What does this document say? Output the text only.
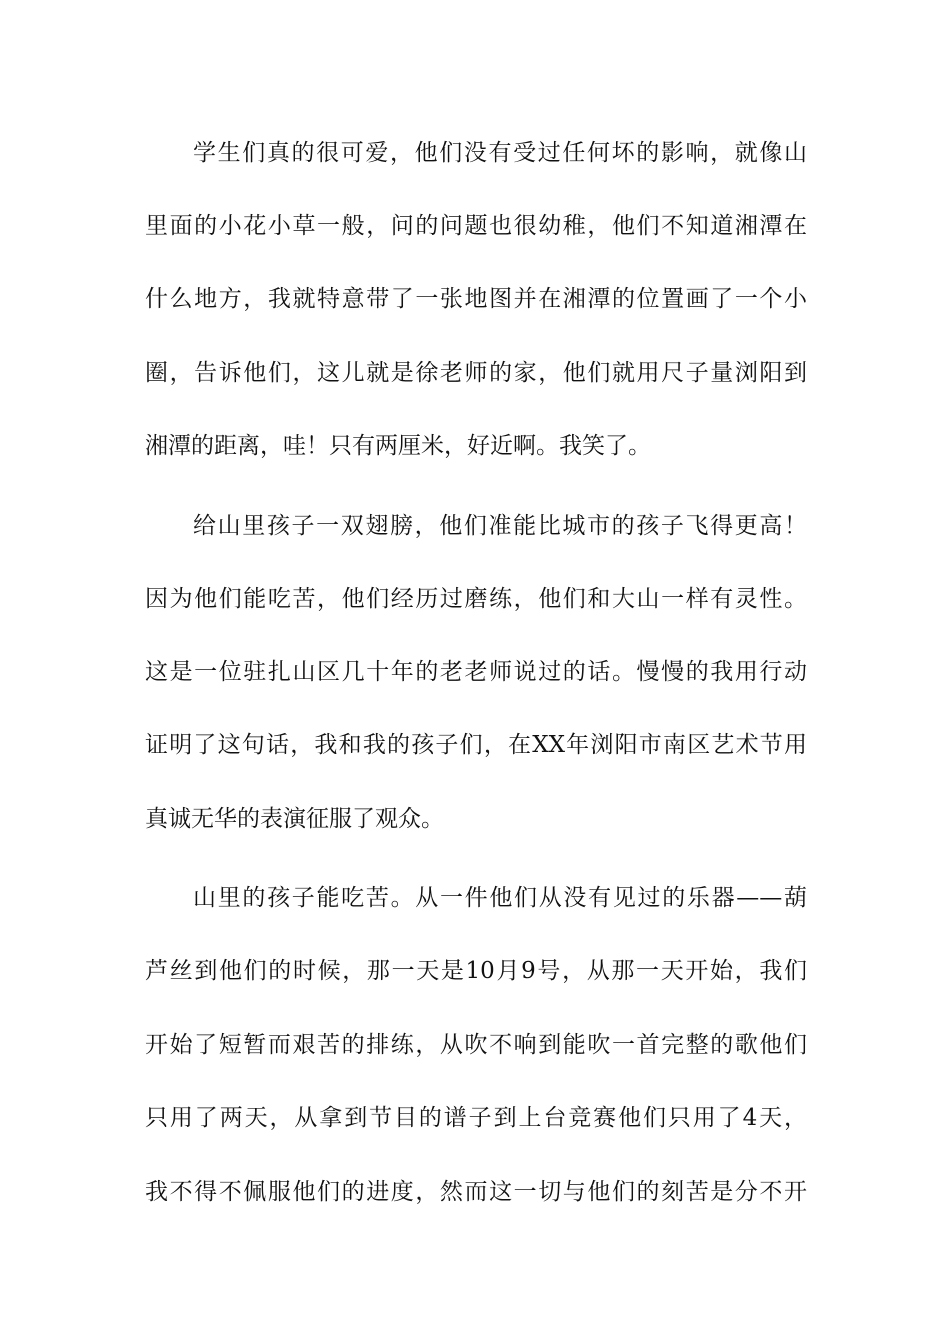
学生们真的很可爱，他们没有受过任何坏的影响，就像山
里面的小花小草一般，问的问题也很幼稚，他们不知道湘潭在
什么地方，我就特意带了一张地图并在湘潭的位置画了一个小
圈，告诉他们，这儿就是徐老师的家，他们就用尺子量浏阳到
湘潭的距离，哇！只有两厘米，好近啊。我笑了。
给山里孩子一双翅膀，他们准能比城市的孩子飞得更高！
因为他们能吃苦，他们经历过磨练，他们和大山一样有灵性。
这是一位驻扎山区几十年的老老师说过的话。慢慢的我用行动
证明了这句话，我和我的孩子们，在XX年浏阳市南区艺术节用
真诚无华的表演征服了观众。
山里的孩子能吃苦。从一件他们从没有见过的乐器——葫
芦丝到他们的时候，那一天是10月9号，从那一天开始，我们
开始了短暂而艰苦的排练，从吹不响到能吹一首完整的歌他们
只用了两天，从拿到节目的谱子到上台竞赛他们只用了4天，
我不得不佩服他们的进度，然而这一切与他们的刻苦是分不开
